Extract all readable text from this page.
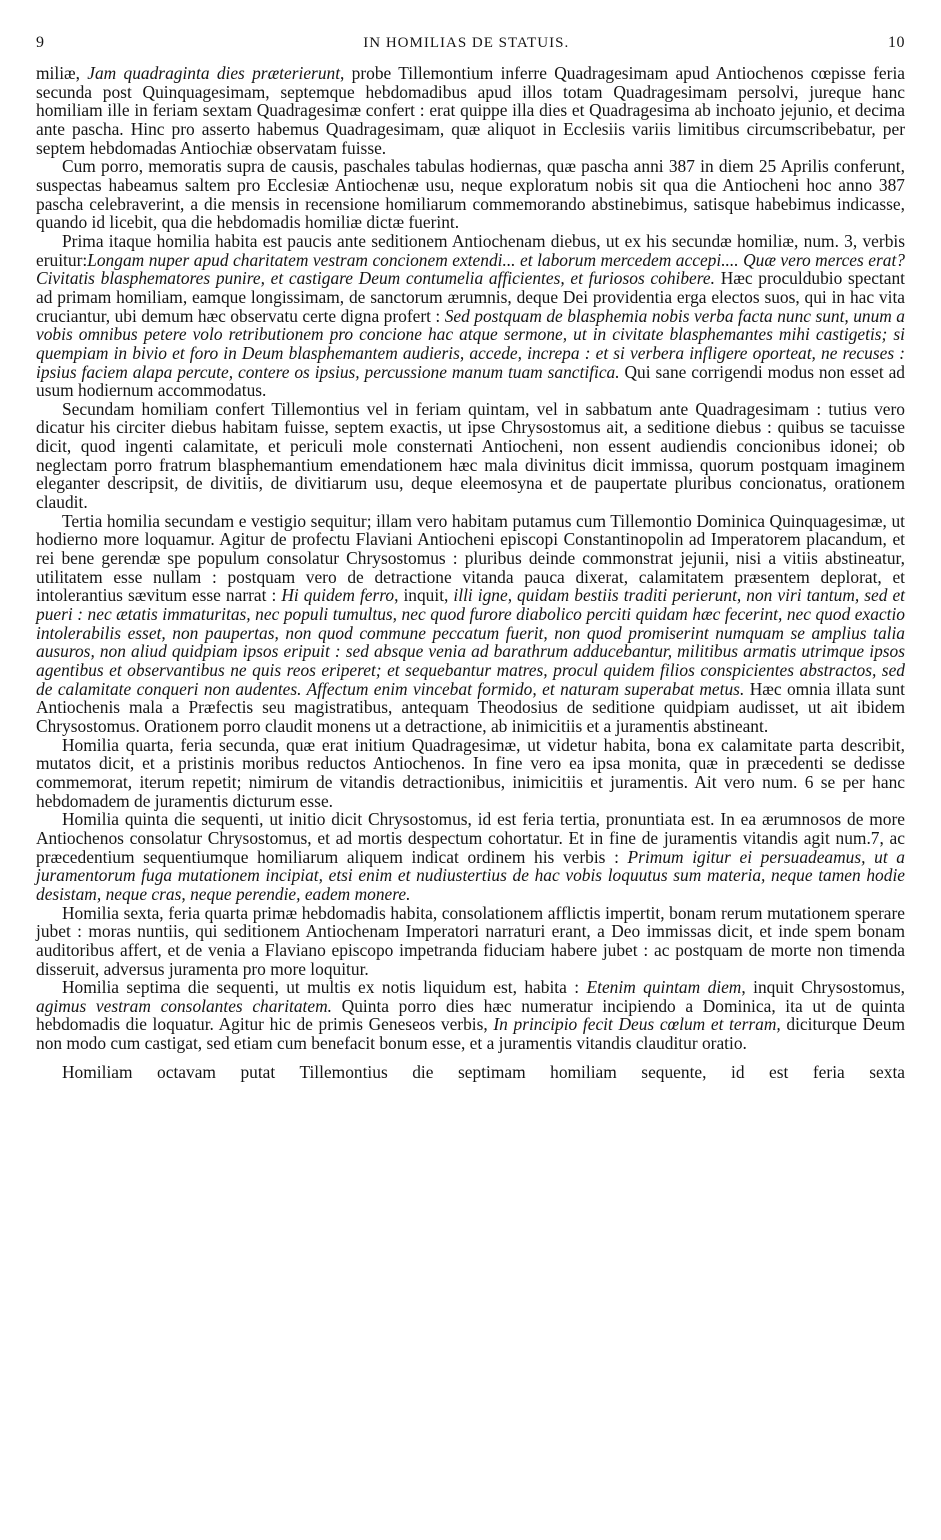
9	IN HOMILIAS DE STATUIS.	10

miliæ, Jam quadraginta dies præterierunt, probe Tillemontium inferre Quadragesimam apud Antiochenos cœpisse feria secunda post Quinquagesimam, septemque hebdomadibus apud illos totam Quadragesimam persolvi, jureque hanc homiliam ille in feriam sextam Quadragesimæ confert : erat quippe illa dies et Quadragesima ab inchoato jejunio, et decima ante pascha. Hinc pro asserto habemus Quadragesimam, quæ aliquot in Ecclesiis variis limitibus circumscribebatur, per septem hebdomadas Antiochiæ observatam fuisse.

Cum porro, memoratis supra de causis, paschales tabulas hodiernas, quæ pascha anni 387 in diem 25 Aprilis conferunt, suspectas habeamus saltem pro Ecclesiæ Antiochenæ usu, neque exploratum nobis sit qua die Antiocheni hoc anno 387 pascha celebraverint, a die mensis in recensione homiliarum commemorando abstinebimus, satisque habebimus indicasse, quando id licebit, qua die hebdomadis homiliæ dictæ fuerint.

Prima itaque homilia habita est paucis ante seditionem Antiochenam diebus, ut ex his secundæ homiliæ, num. 3, verbis eruitur:Longam nuper apud charitatem vestram concionem extendi... et laborum mercedem accepi.... Quæ vero merces erat? Civitatis blasphematores punire, et castigare Deum contumelia afficientes, et furiosos cohibere. Hæc proculdubio spectant ad primam homiliam, eamque longissimam, de sanctorum ærumnis, deque Dei providentia erga electos suos, qui in hac vita cruciantur, ubi demum hæc observatu certe digna profert : Sed postquam de blasphemia nobis verba facta nunc sunt, unum a vobis omnibus petere volo retributionem pro concione hac atque sermone, ut in civitate blasphemantes mihi castigetis; si quempiam in bivio et foro in Deum blasphemantem audieris, accede, increpa : et si verbera infligere oporteat, ne recuses : ipsius faciem alapa percute, contere os ipsius, percussione manum tuam sanctifica. Qui sane corrigendi modus non esset ad usum hodiernum accommodatus.

Secundam homiliam confert Tillemontius vel in feriam quintam, vel in sabbatum ante Quadragesimam : tutius vero dicatur his circiter diebus habitam fuisse, septem exactis, ut ipse Chrysostomus ait, a seditione diebus : quibus se tacuisse dicit, quod ingenti calamitate, et periculi mole consternati Antiocheni, non essent audiendis concionibus idonei; ob neglectam porro fratrum blasphemantium emendationem hæc mala divinitus dicit immissa, quorum postquam imaginem eleganter descripsit, de divitiis, de divitiarum usu, deque eleemosyna et de paupertate pluribus concionatus, orationem claudit.

Tertia homilia secundam e vestigio sequitur; illam vero habitam putamus cum Tillemontio Dominica Quinquagesimæ, ut hodierno more loquamur. Agitur de profectu Flaviani Antiocheni episcopi Constantinopolin ad Imperatorem placandum, et rei bene gerendæ spe populum consolatur Chrysostomus : pluribus deinde commonstrat jejunii, nisi a vitiis abstineatur, utilitatem esse nullam : postquam vero de detractione vitanda pauca dixerat, calamitatem præsentem deplorat, et intolerantius sævitum esse narrat : Hi quidem ferro, inquit, illi igne, quidam bestiis traditi perierunt, non viri tantum, sed et pueri : nec ætatis immaturitas, nec populi tumultus, nec quod furore diabolico perciti quidam hæc fecerint, nec quod exactio intolerabilis esset, non paupertas, non quod commune peccatum fuerit, non quod promiserint numquam se amplius talia ausuros, non aliud quidpiam ipsos eripuit : sed absque venia ad barathrum adducebantur, militibus armatis utrimque ipsos agentibus et observantibus ne quis reos eriperet; et sequebantur matres, procul quidem filios conspicientes abstractos, sed de calamitate conqueri non audentes. Affectum enim vincebat formido, et naturam superabat metus. Hæc omnia illata sunt Antiochenis mala a Præfectis seu magistratibus, antequam Theodosius de seditione quidpiam audisset, ut ait ibidem Chrysostomus. Orationem porro claudit monens ut a detractione, ab inimicitiis et a juramentis abstineant.

Homilia quarta, feria secunda, quæ erat initium Quadragesimæ, ut videtur habita, bona ex calamitate parta describit, mutatos dicit, et a pristinis moribus reductos Antiochenos. In fine vero ea ipsa monita, quæ in præcedenti se dedisse commemorat, iterum repetit; nimirum de vitandis detractionibus, inimicitiis et juramentis. Ait vero num. 6 se per hanc hebdomadem de juramentis dicturum esse.

Homilia quinta die sequenti, ut initio dicit Chrysostomus, id est feria tertia, pronuntiata est. In ea ærumnosos de more Antiochenos consolatur Chrysostomus, et ad mortis despectum cohortatur. Et in fine de juramentis vitandis agit num.7, ac præcedentium sequentiumque homiliarum aliquem indicat ordinem his verbis : Primum igitur ei persuadeamus, ut a juramentorum fuga mutationem incipiat, etsi enim et nudiustertius de hac vobis loquutus sum materia, neque tamen hodie desistam, neque cras, neque perendie, eadem monere.

Homilia sexta, feria quarta primæ hebdomadis habita, consolationem afflictis impertit, bonam rerum mutationem sperare jubet : moras nuntiis, qui seditionem Antiochenam Imperatori narraturi erant, a Deo immissas dicit, et inde spem bonam auditoribus affert, et de venia a Flaviano episcopo impetranda fiduciam habere jubet : ac postquam de morte non timenda disseruit, adversus juramenta pro more loquitur.

Homilia septima die sequenti, ut multis ex notis liquidum est, habita : Etenim quintam diem, inquit Chrysostomus, agimus vestram consolantes charitatem. Quinta porro dies hæc numeratur incipiendo a Dominica, ita ut de quinta hebdomadis die loquatur. Agitur hic de primis Geneseos verbis, In principio fecit Deus cœlum et terram, diciturque Deum non modo cum castigat, sed etiam cum benefacit bonum esse, et a juramentis vitandis clauditur oratio.

Homiliam octavam putat Tillemontius die septimam homiliam sequente, id est feria sexta
